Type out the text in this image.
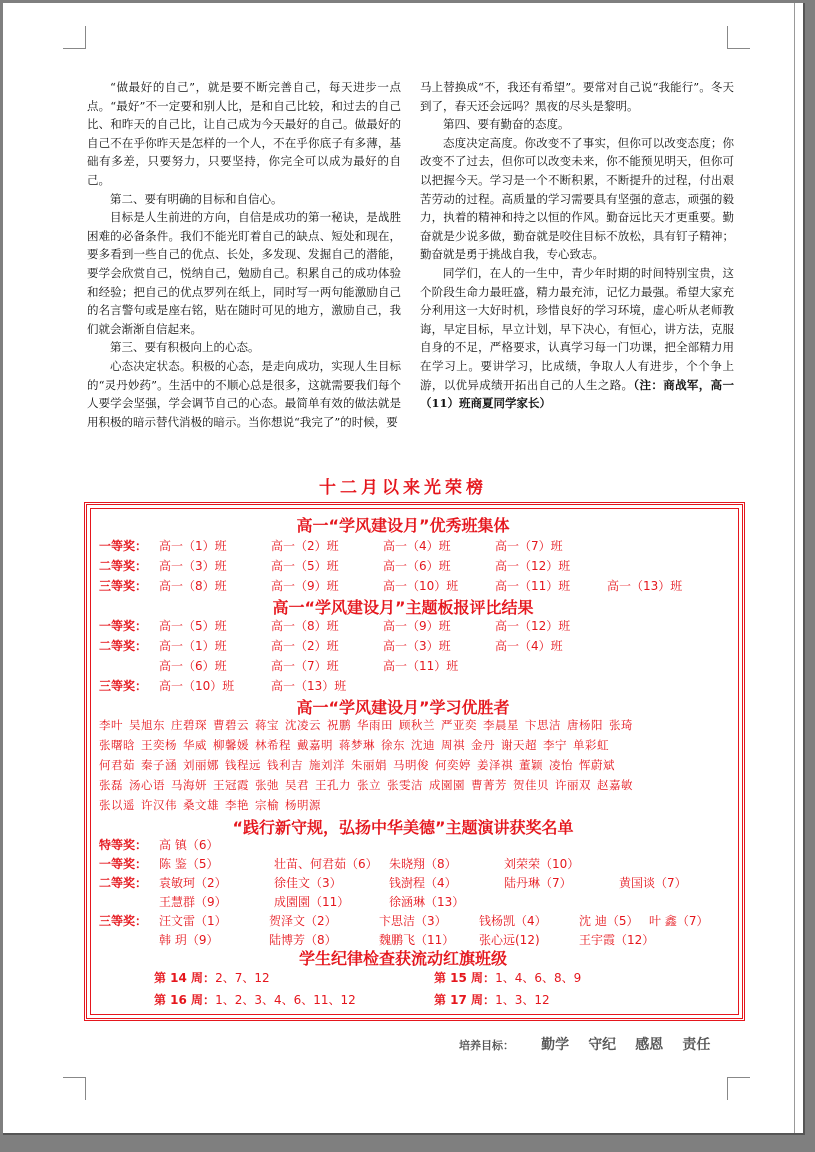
“做最好的自己”，就是要不断完善自己，每天进步一点点。“最好”不一定要和别人比，是和自己比较，和过去的自己比、和昨天的自己比，让自己成为今天最好的自己。做最好的自己不在乎你昨天是怎样的一个人，不在乎你底子有多薄，基础有多差，只要努力，只要坚持，你完全可以成为最好的自己。

第二、要有明确的目标和自信心。

目标是人生前进的方向，自信是成功的第一秘诀，是战胜困难的必备条件。我们不能光盯着自己的缺点、短处和现在，要多看到一些自己的优点、长处，多发现、发掘自己的潜能，要学会欣赏自己，悦纳自己，勉励自己。积累自己的成功体验和经验；把自己的优点罗列在纸上，同时写一两句能激励自己的名言警句或是座右铭，贴在随时可见的地方，激励自己，我们就会渐渐自信起来。

第三、要有积极向上的心态。

心态决定状态。积极的心态，是走向成功，实现人生目标的“灵丹妙药”。生活中的不顺心总是很多，这就需要我们每个人要学会坚强，学会调节自己的心态。最简单有效的做法就是用积极的暗示替代消极的暗示。当你想说“我完了”的时候，要

马上替换成“不，我还有希望”。要常对自己说“我能行”。冬天到了，春天还会远吗？黑夜的尽头是黎明。

第四、要有勤奋的态度。

态度决定高度。你改变不了事实，但你可以改变态度；你改变不了过去，但你可以改变未来，你不能预见明天，但你可以把握今天。学习是一个不断积累，不断提升的过程，付出艰苦劳动的过程。高质量的学习需要具有坚强的意志，顽强的毅力，执着的精神和持之以恒的作风。勤奋远比天才更重要。勤奋就是少说多做，勤奋就是咬住目标不放松，具有钉子精神；勤奋就是勇于挑战自我，专心致志。

同学们，在人的一生中，青少年时期的时间特别宝贵，这个阶段生命力最旺盛，精力最充沛，记忆力最强。希望大家充分利用这一大好时机，珍惜良好的学习环境，虚心听从老师教诲，早定目标，早立计划，早下决心，有恒心，讲方法，克服自身的不足，严格要求，认真学习每一门功课，把全部精力用在学习上。要讲学习，比成绩，争取人人有进步，个个争上游，以优异成绩开拓出自己的人生之路。（注：商战军，高一（11）班商夏同学家长）

十二月以来光荣榜
高一“学风建设月”优秀班集体
一等奖： 高一（1）班	高一（2）班	高一（4）班	高一（7）班
二等奖： 高一（3）班	高一（5）班	高一（6）班	高一（12）班
三等奖： 高一（8）班	高一（9）班	高一（10）班	高一（11）班	高一（13）班
高一“学风建设月”主题板报评比结果
一等奖： 高一（5）班	高一（8）班	高一（9）班	高一（12）班
二等奖： 高一（1）班	高一（2）班	高一（3）班	高一（4）班
高一（6）班	高一（7）班	高一（11）班
三等奖： 高一（10）班	高一（13）班
高一“学风建设月”学习优胜者
李叶 吴旭东 庄碧琛 曹碧云 蒋宝 沈凌云 祝鹏 华雨田 顾秋兰 严亚奕 李晨星 卞思洁 唐杨阳 张琦
张曙晗 王奕杨 华威 柳馨媛 林希程 戴嘉明 蒋梦琳 徐东 沈迪 周祺 金丹 谢天超 李宁 单彩虹
何君茹 秦子涵 刘丽娜 钱程远 钱利吉 施刘洋 朱丽娟 马明俊 何奕婷 姜泽祺 董颖 凌怡 恽蔚斌
张磊 汤心语 马海妍 王冠霞 张弛 吴君 王孔力 张立 张雯洁 成園園 曹菁芳 贺佳贝 许丽双 赵嘉敏
张以遥 许汉伟 桑文雄 李艳 宗榆 杨明源
“践行新守规，弘扬中华美德”主题演讲获奖名单
特等奖： 高 镇（6）
一等奖： 陈 鉴（5）	壮苗、何君茹（6） 朱晓翔（8）	刘荣荣（10）
二等奖： 袁敏珂（2）	徐佳文（3）	钱澍程（4）	陆丹琳（7）	黄国谈（7）
王慧群（9）	成園園（11）	徐涵琳（13）
三等奖： 汪文雷（1）	贺泽文（2）	卞思洁（3）	钱杨凯（4）	沈 迪（5） 叶 鑫（7）
韩 玥（9）	陆博芳（8）	魏鹏飞（11） 张心远(12)	王宇霞（12）
学生纪律检查获流动红旗班级
第 14 周：2、7、12	第 15 周：1、4、6、8、9
第 16 周：1、2、3、4、6、11、12	第 17 周：1、3、12
培养目标： 勤学 守纪 感恩 责任
